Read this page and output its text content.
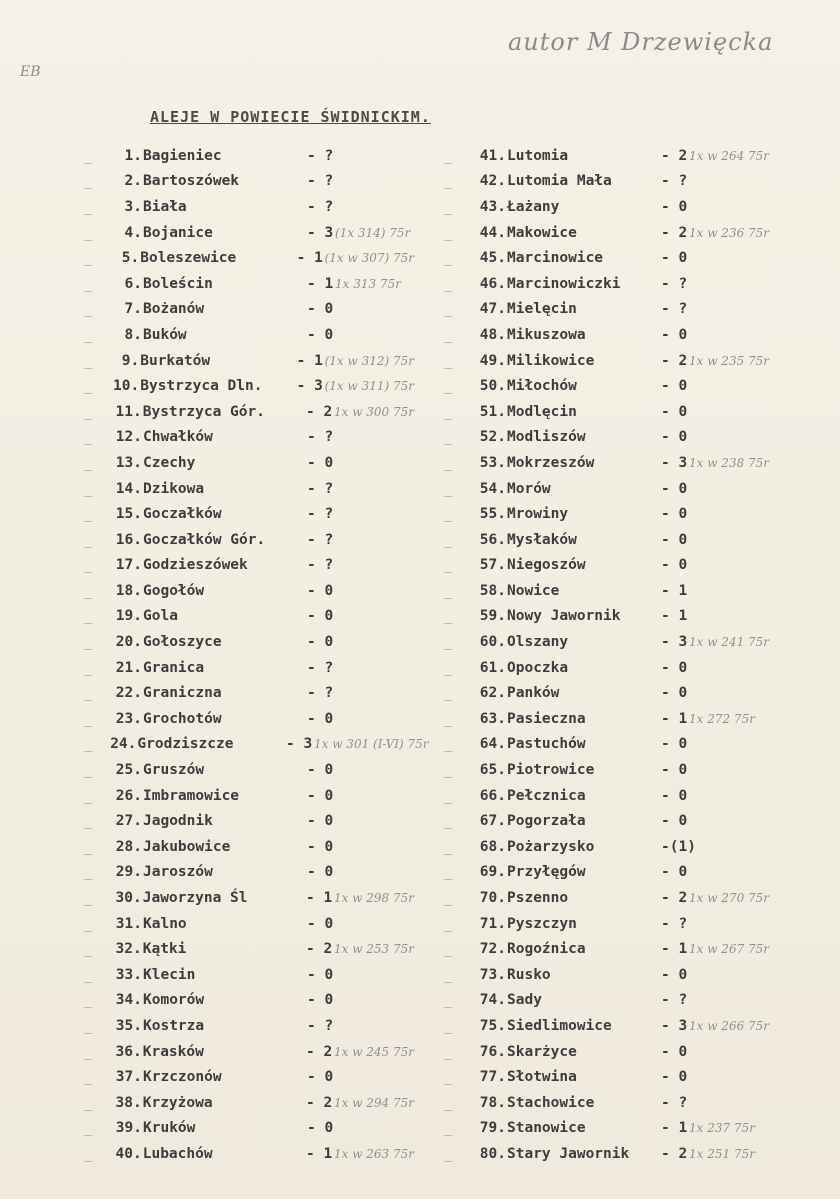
autor M Drzewięcka
EB
ALEJE W POWIECIE ŚWIDNICKIM.
_	1. Bagieniec	- ?
_	2. Bartoszówek	- ?
_	3. Biała	- ?
_	4. Bojanice	- 3 (1x 314) 75r
_	5. Boleszewice	- 1 (1x w 307) 75r
_	6. Boleścin	- 1 1x 313 75r
_	7. Bożanów	- 0
_	8. Buków	- 0
_	9. Burkatów	- 1 (1x w 312) 75r
_	10. Bystrzyca Dln.	- 3 (1x w 311) 75r
_	11. Bystrzyca Gór.	- 2 1x w 300 75r
_	12. Chwałków	- ?
_	13. Czechy	- 0
_	14. Dzikowa	- ?
_	15. Goczałków	- ?
_	16. Goczałków Gór.	- ?
_	17. Godzieszówek	- ?
_	18. Gogołów	- 0
_	19. Gola	- 0
_	20. Gołoszyce	- 0
_	21. Granica	- ?
_	22. Graniczna	- ?
_	23. Grochotów	- 0
_	24. Grodziszcze	- 3 1x w 301 (I-VI) 75r
_	25. Gruszów	- 0
_	26. Imbramowice	- 0
_	27. Jagodnik	- 0
_	28. Jakubowice	- 0
_	29. Jaroszów	- 0
_	30. Jaworzyna Śl	- 1 1x w 298 75r
_	31. Kalno	- 0
_	32. Kątki	- 2 1x w 253 75r
_	33. Klecin	- 0
_	34. Komorów	- 0
_	35. Kostrza	- ?
_	36. Krasków	- 2 1x w 245 75r
_	37. Krzczonów	- 0
_	38. Krzyżowa	- 2 1x w 294 75r
_	39. Kruków	- 0
_	40. Lubachów	- 1 1x w 263 75r
_	41. Lutomia	- 2 1x w 264 75r
_	42. Lutomia Mała	- ?
_	43. Łażany	- 0
_	44. Makowice	- 2 1x w 236 75r
_	45. Marcinowice	- 0
_	46. Marcinowiczki	- ?
_	47. Mielęcin	- ?
_	48. Mikuszowa	- 0
_	49. Milikowice	- 2 1x w 235 75r
_	50. Miłochów	- 0
_	51. Modlęcin	- 0
_	52. Modliszów	- 0
_	53. Mokrzeszów	- 3 1x w 238 75r
_	54. Morów	- 0
_	55. Mrowiny	- 0
_	56. Mysłaków	- 0
_	57. Niegoszów	- 0
_	58. Nowice	- 1
_	59. Nowy Jawornik	- 1
_	60. Olszany	- 3 1x w 241 75r
_	61. Opoczka	- 0
_	62. Panków	- 0
_	63. Pasieczna	- 1 1x 272 75r
_	64. Pastuchów	- 0
_	65. Piotrowice	- 0
_	66. Pełcznica	- 0
_	67. Pogorzała	- 0
_	68. Pożarzysko	-(1)
_	69. Przyłęgów	- 0
_	70. Pszenno	- 2 1x w 270 75r
_	71. Pyszczyn	- ?
_	72. Rogoźnica	- 1 1x w 267 75r
_	73. Rusko	- 0
_	74. Sady	- ?
_	75. Siedlimowice	- 3 1x w 266 75r
_	76. Skarżyce	- 0
_	77. Słotwina	- 0
_	78. Stachowice	- ?
_	79. Stanowice	- 1 1x 237 75r
_	80. Stary Jawornik	- 2 1x 251 75r
